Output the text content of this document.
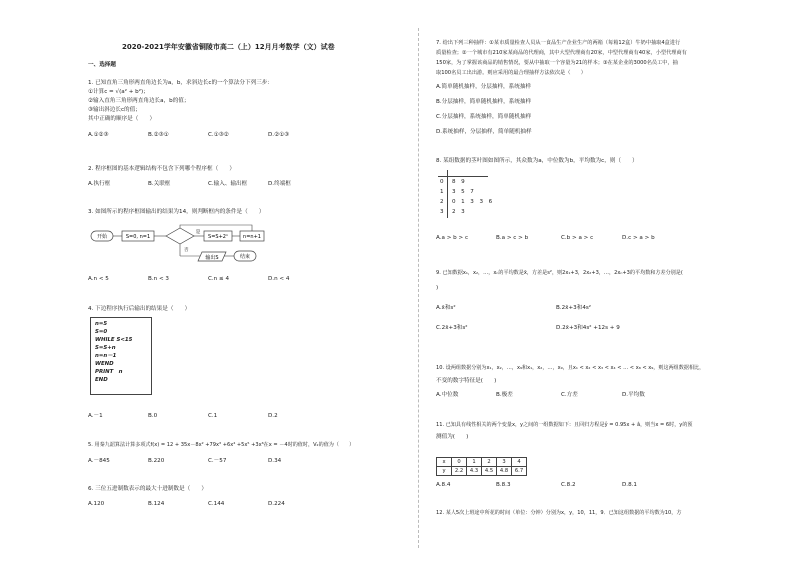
2020-2021学年安徽省铜陵市高二（上）12月月考数学（文）试卷
一、选择题
1. 已知直角三角形两直角边长为a，b，求斜边长c的一个算法分下列三步：
①计算c = √(a² + b²)；
②输入直角三角形两直角边长a，b的值；
③输出斜边长c的值；
其中正确的顺序是（　　）
A.①②③	B.②③①	C.①③②	D.②①③
2. 程序框图的基本逻辑结构不包含下列哪个程序框（　　）
A.执行框	B.关联框	C.输入、输出框	D.终端框
3. 如图所示的程序框图输出的结果为14，则判断框内的条件是（　　）
开始	S=0, n=1
是
S=S+2ⁿ	n=n+1
否
输出S	结束
A.n < 5	B.n < 3	C.n ≤ 4	D.n < 4
4. 下边程序执行后输出的结果是（　　）
n=5
S=0
WHILE S<15
S=S+n
n=n－1
WEND
PRINT　n
END
A.－1	B.0	C.1	D.2
5. 用秦九韶算法计算多项式f(x) = 12 + 35x－8x² +79x³ +6x⁴ +5x⁵ +3x⁶在x = －4时的值时，V₂的值为（　　）
A.－845	B.220	C.－57	D.34
6. 三位五进制数表示的最大十进制数是（　　）
A.120	B.124	C.144	D.224
7. 给出下列三种抽样：①某市质量检查人员从一食品生产企业生产的两箱（每箱12盒）牛奶中抽取4盒进行
质量检查；②一个城市有210家某商品的代理商，其中大型代理商有20家，中型代理商有40家，小型代理商有
150家，为了掌握该商品的销售情况，要从中抽取一个容量为21的样本；③在某企业的3000名员工中，抽
取100名员工出出游。则应采用的最合理抽样方法依次是（　　）
A.简单随机抽样，分层抽样，系统抽样
B.分层抽样，简单随机抽样，系统抽样
C.分层抽样，系统抽样，简单随机抽样
D.系统抽样，分层抽样，简单随机抽样
8. 某组数据的茎叶图如图所示，其众数为a，中位数为b，平均数为c，则（　　）
0 8　9
1 3　5　7
2 0　1　3　3　6
3 2　3
A.a > b > c	B.a > c > b	C.b > a > c	D.c > a > b
9. 已知数据x₁，x₂，…，xₙ的平均数是x̄，方差是s²，则2x₁+3，2x₂+3，…，2xₙ+3的平均数和方差分别是(
)
A.x̄和s²	B.2x̄+3和4s²
C.2x̄+3和s²	D.2x̄+3和4s² +12s + 9
10. 设两组数据分别为x₁，x₂，…，x₉和x₁，x₂，…，x₉，且x₁ < x₂ < x₃ < x₄ < … < x₈ < x₉，则这两组数据相比，
不变的数字特征是(　　)
A.中位数	B.极差	C.方差	D.平均数
11. 已知具有线性相关的两个变量x，y之间的一组数据如下：且回归方程是ŷ = 0.95x + â，则当x = 6时，y的预
测值为(　　)
x	0	1	2	3	4
y	2.2	4.3	4.5	4.8	6.7
A.8.4	B.8.3	C.8.2	D.8.1
12. 某人5次上班途中所花的时间（单位：分钟）分别为x，y，10，11，9．已知这组数据的平均数为10，方
